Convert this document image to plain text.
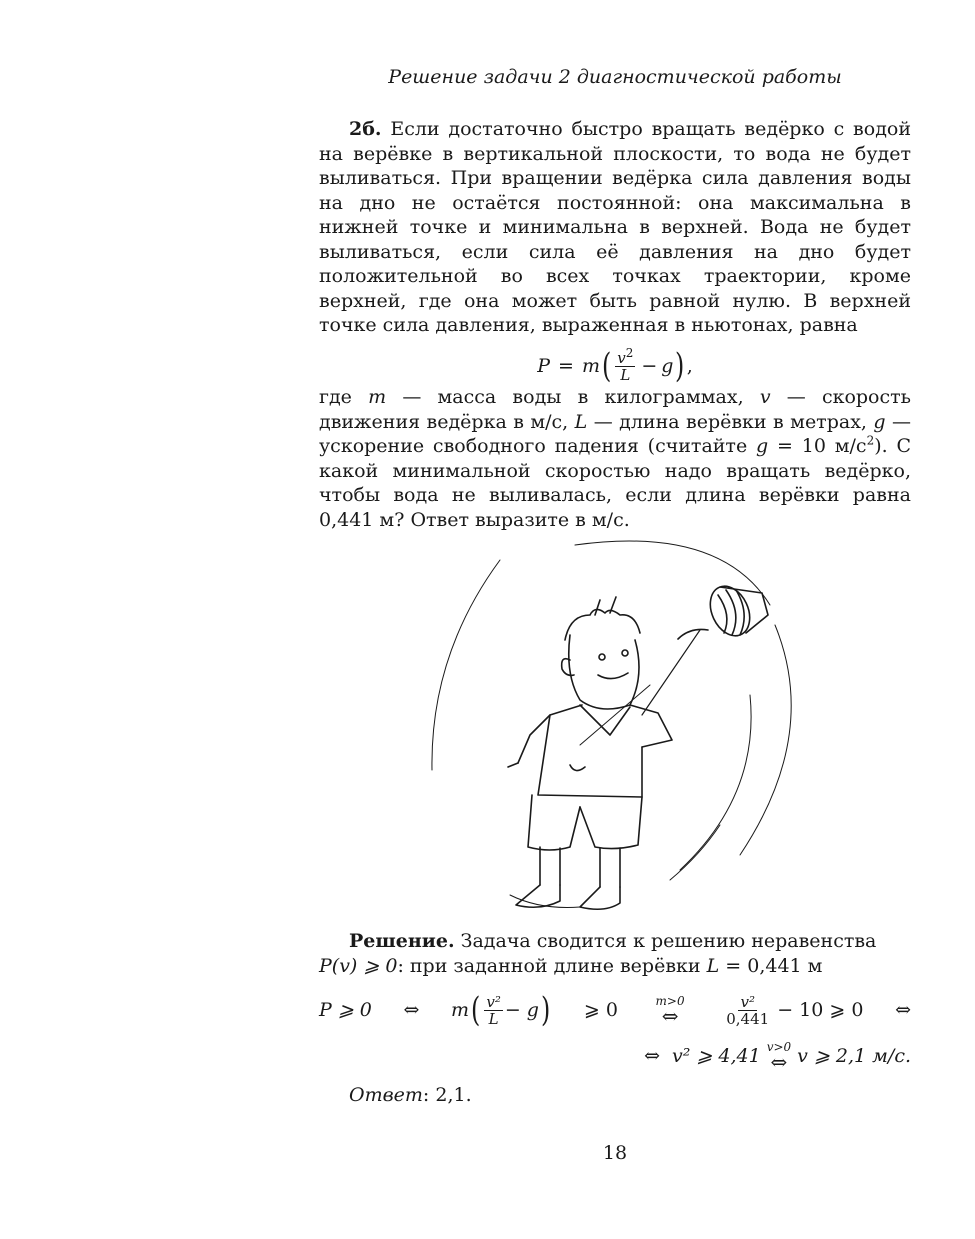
Решение задачи 2 диагностической работы

2б. Если достаточно быстро вращать ведёрко с водой на верёвке в вертикальной плоскости, то вода не будет выливаться. При вращении ведёрка сила давления воды на дно не остаётся постоянной: она максимальна в нижней точке и минимальна в верхней. Вода не будет выливаться, если сила её давления на дно будет положительной во всех точках траектории, кроме верхней, где она может быть равной нулю. В верхней точке сила давления, выраженная в ньютонах, равна

P = m ( $\frac{v^2}{L} - g$ ) ,

где m — масса воды в килограммах, v — скорость движения ведёрка в м/с, L — длина верёвки в метрах, g — ускорение свободного падения (считайте g = 10 $м/с^2$). С какой минимальной скоростью надо вращать ведёрко, чтобы вода не выливалась, если длина верёвки равна 0,441 м? Ответ выразите в м/с.

Решение. Задача сводится к решению неравенства P(v) ⩾ 0: при заданной длине верёвки L = 0,441 м

P ⩾ 0 ⇔ m ( $\frac{\text{v²}}{L} - g$ ) ⩾ 0	m>0
⇔	$\frac{\text{v²}}{0,441} - 10$ ⩾ 0 ⇔
⇔ v² ⩾ 4,41 v>0
⇔ v ⩾ 2,1 м/с.
Ответ: 2,1.
18
